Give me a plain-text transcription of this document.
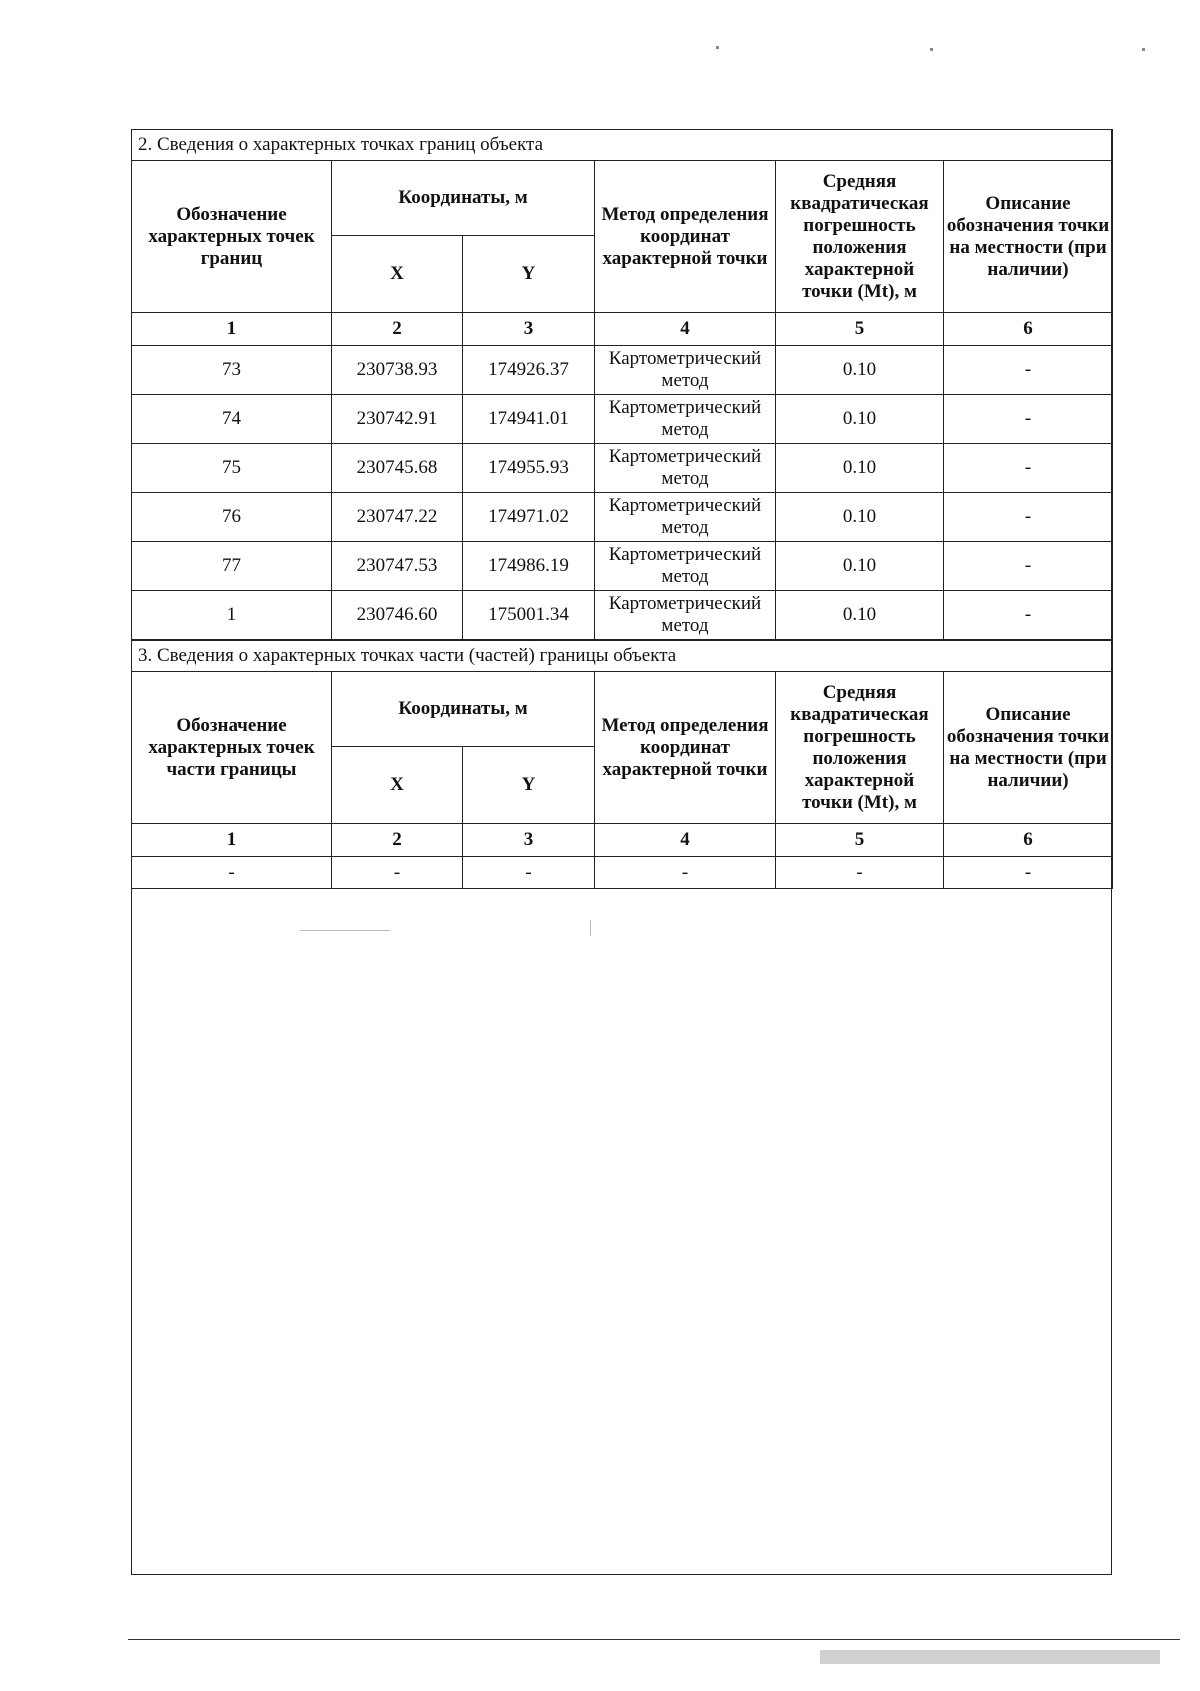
2. Сведения о характерных точках границ объекта					
Обозначение характерных точек границ	Координаты, м		Метод определения координат характерной точки	Средняя квадратическая погрешность положения характерной точки (Mt), м	Описание обозначения точки на местности (при наличии)
	X	Y			
1	2	3	4	5	6
73	230738.93	174926.37	Картометрический метод	0.10	-
74	230742.91	174941.01	Картометрический метод	0.10	-
75	230745.68	174955.93	Картометрический метод	0.10	-
76	230747.22	174971.02	Картометрический метод	0.10	-
77	230747.53	174986.19	Картометрический метод	0.10	-
1	230746.60	175001.34	Картометрический метод	0.10	-
3. Сведения о характерных точках части (частей) границы объекта					
Обозначение характерных точек части границы	Координаты, м		Метод определения координат характерной точки	Средняя квадратическая погрешность положения характерной точки (Mt), м	Описание обозначения точки на местности (при наличии)
	X	Y			
1	2	3	4	5	6
-	-	-	-	-	-
